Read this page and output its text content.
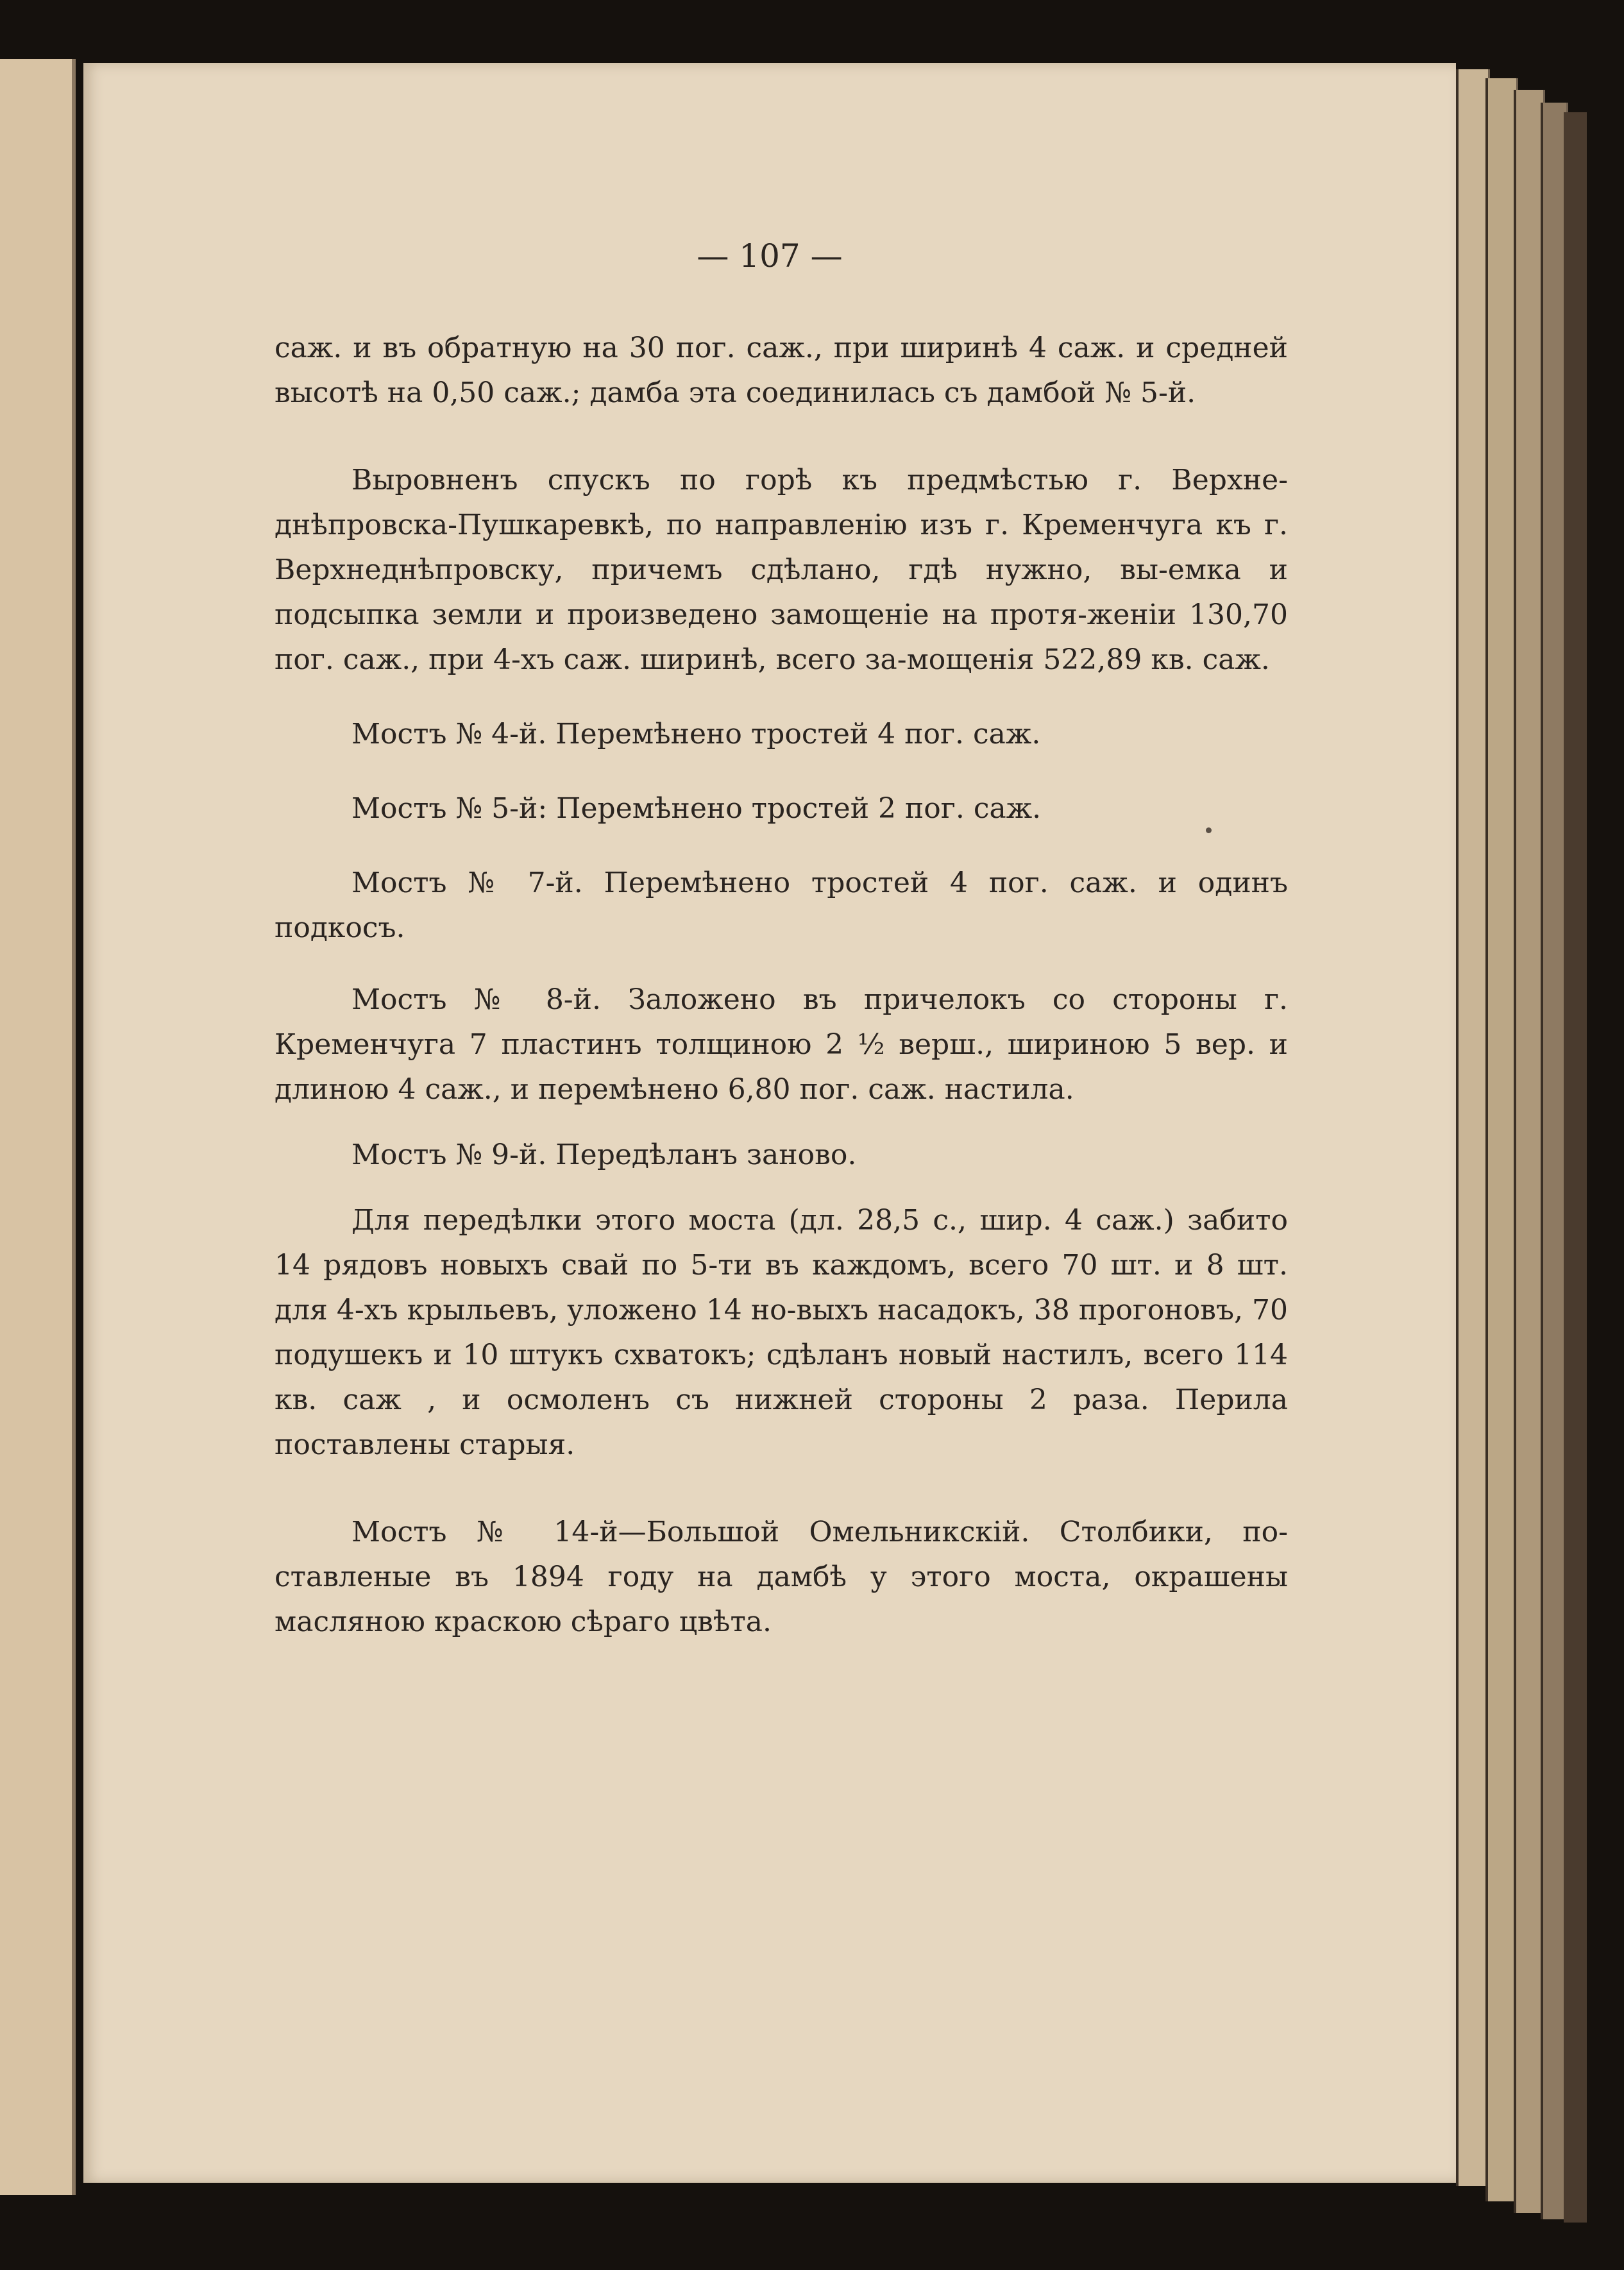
— 107 —

саж. и въ обратную на 30 пог. саж., при ширинѣ 4 саж. и средней высотѣ на 0,50 саж.; дамба эта соединилась съ дамбой № 5-й.

Выровненъ спускъ по горѣ къ предмѣстью г. Верхне-днѣпровска-Пушкаревкѣ, по направленію изъ г. Кременчуга къ г. Верхнеднѣпровску, причемъ сдѣлано, гдѣ нужно, вы-емка и подсыпка земли и произведено замощеніе на протя-женіи 130,70 пог. саж., при 4-хъ саж. ширинѣ, всего за-мощенія 522,89 кв. саж.

Мостъ № 4-й. Перемѣнено тростей 4 пог. саж.

Мостъ № 5-й: Перемѣнено тростей 2 пог. саж.

Мостъ № 7-й. Перемѣнено тростей 4 пог. саж. и одинъ подкосъ.

Мостъ № 8-й. Заложено въ причелокъ со стороны г. Кременчуга 7 пластинъ толщиною 2 ½ верш., шириною 5 вер. и длиною 4 саж., и перемѣнено 6,80 пог. саж. настила.

Мостъ № 9-й. Передѣланъ заново.

Для передѣлки этого моста (дл. 28,5 с., шир. 4 саж.) забито 14 рядовъ новыхъ свай по 5-ти въ каждомъ, всего 70 шт. и 8 шт. для 4-хъ крыльевъ, уложено 14 но-выхъ насадокъ, 38 прогоновъ, 70 подушекъ и 10 штукъ схватокъ; сдѣланъ новый настилъ, всего 114 кв. саж , и осмоленъ съ нижней стороны 2 раза. Перила поставлены старыя.

Мостъ № 14-й—Большой Омельникскій. Столбики, по-ставленые въ 1894 году на дамбѣ у этого моста, окрашены масляною краскою сѣраго цвѣта.
